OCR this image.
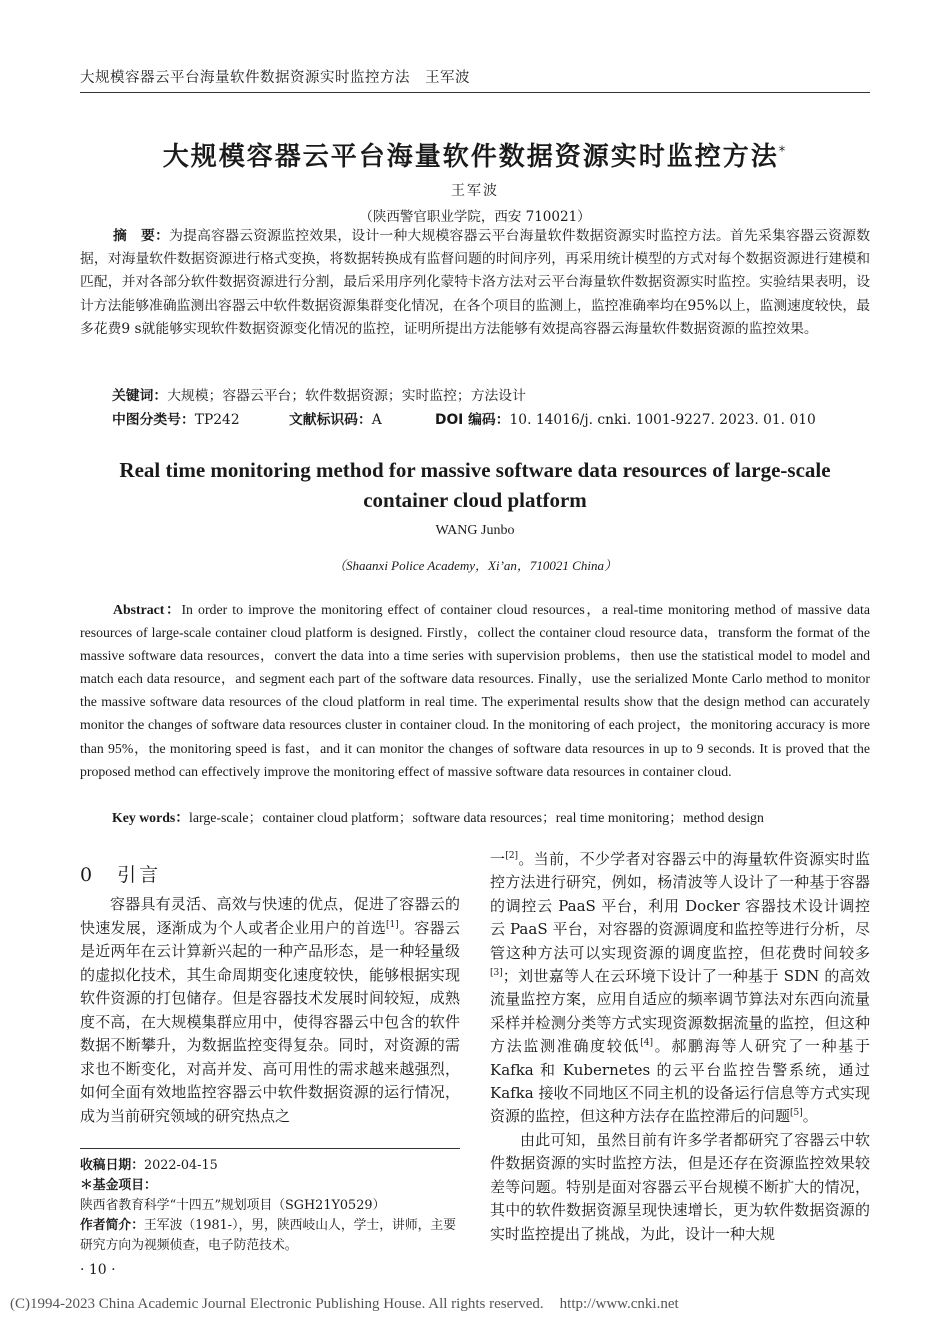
大规模容器云平台海量软件数据资源实时监控方法　王军波
大规模容器云平台海量软件数据资源实时监控方法*
王军波
（陕西警官职业学院，西安 710021）

摘　要：为提高容器云资源监控效果，设计一种大规模容器云平台海量软件数据资源实时监控方法。首先采集容器云资源数据，对海量软件数据资源进行格式变换，将数据转换成有监督问题的时间序列，再采用统计模型的方式对每个数据资源进行建模和匹配，并对各部分软件数据资源进行分割，最后采用序列化蒙特卡洛方法对云平台海量软件数据资源实时监控。实验结果表明，设计方法能够准确监测出容器云中软件数据资源集群变化情况，在各个项目的监测上，监控准确率均在95%以上，监测速度较快，最多花费9 s就能够实现软件数据资源变化情况的监控，证明所提出方法能够有效提高容器云海量软件数据资源的监控效果。

关键词：大规模；容器云平台；软件数据资源；实时监控；方法设计
中图分类号：TP242	文献标识码：A	DOI 编码：10. 14016/j. cnki. 1001-9227. 2023. 01. 010
Real time monitoring method for massive software data resources of large-scale container cloud platform
WANG Junbo
（Shaanxi Police Academy，Xi’an，710021 China）

Abstract：In order to improve the monitoring effect of container cloud resources，a real-time monitoring method of massive data resources of large-scale container cloud platform is designed. Firstly，collect the container cloud resource data，transform the format of the massive software data resources，convert the data into a time series with supervision problems，then use the statistical model to model and match each data resource，and segment each part of the software data resources. Finally，use the serialized Monte Carlo method to monitor the massive software data resources of the cloud platform in real time. The experimental results show that the design method can accurately monitor the changes of software data resources cluster in container cloud. In the monitoring of each project，the monitoring accuracy is more than 95%，the monitoring speed is fast，and it can monitor the changes of software data resources in up to 9 seconds. It is proved that the proposed method can effectively improve the monitoring effect of massive software data resources in container cloud.

Key words：large-scale；container cloud platform；software data resources；real time monitoring；method design
0 引言

容器具有灵活、高效与快速的优点，促进了容器云的快速发展，逐渐成为个人或者企业用户的首选[1]。容器云是近两年在云计算新兴起的一种产品形态，是一种轻量级的虚拟化技术，其生命周期变化速度较快，能够根据实现软件资源的打包储存。但是容器技术发展时间较短，成熟度不高，在大规模集群应用中，使得容器云中包含的软件数据不断攀升，为数据监控变得复杂。同时，对资源的需求也不断变化，对高并发、高可用性的需求越来越强烈，如何全面有效地监控容器云中软件数据资源的运行情况，成为当前研究领域的研究热点之

一[2]。当前，不少学者对容器云中的海量软件资源实时监控方法进行研究，例如，杨清波等人设计了一种基于容器的调控云 PaaS 平台，利用 Docker 容器技术设计调控云 PaaS 平台，对容器的资源调度和监控等进行分析，尽管这种方法可以实现资源的调度监控，但花费时间较多[3]；刘世嘉等人在云环境下设计了一种基于 SDN 的高效流量监控方案，应用自适应的频率调节算法对东西向流量采样并检测分类等方式实现资源数据流量的监控，但这种方法监测准确度较低[4]。郝鹏海等人研究了一种基于 Kafka 和 Kubernetes 的云平台监控告警系统，通过 Kafka 接收不同地区不同主机的设备运行信息等方式实现资源的监控，但这种方法存在监控滞后的问题[5]。

由此可知，虽然目前有许多学者都研究了容器云中软件数据资源的实时监控方法，但是还存在资源监控效果较差等问题。特别是面对容器云平台规模不断扩大的情况，其中的软件数据资源呈现快速增长，更为软件数据资源的实时监控提出了挑战，为此，设计一种大规

收稿日期：2022-04-15

＊基金项目：陕西省教育科学“十四五”规划项目（SGH21Y0529）

作者简介：王军波（1981-），男，陕西岐山人，学士，讲师，主要研究方向为视频侦查，电子防范技术。

· 10 ·
(C)1994-2023 China Academic Journal Electronic Publishing House. All rights reserved. http://www.cnki.net
